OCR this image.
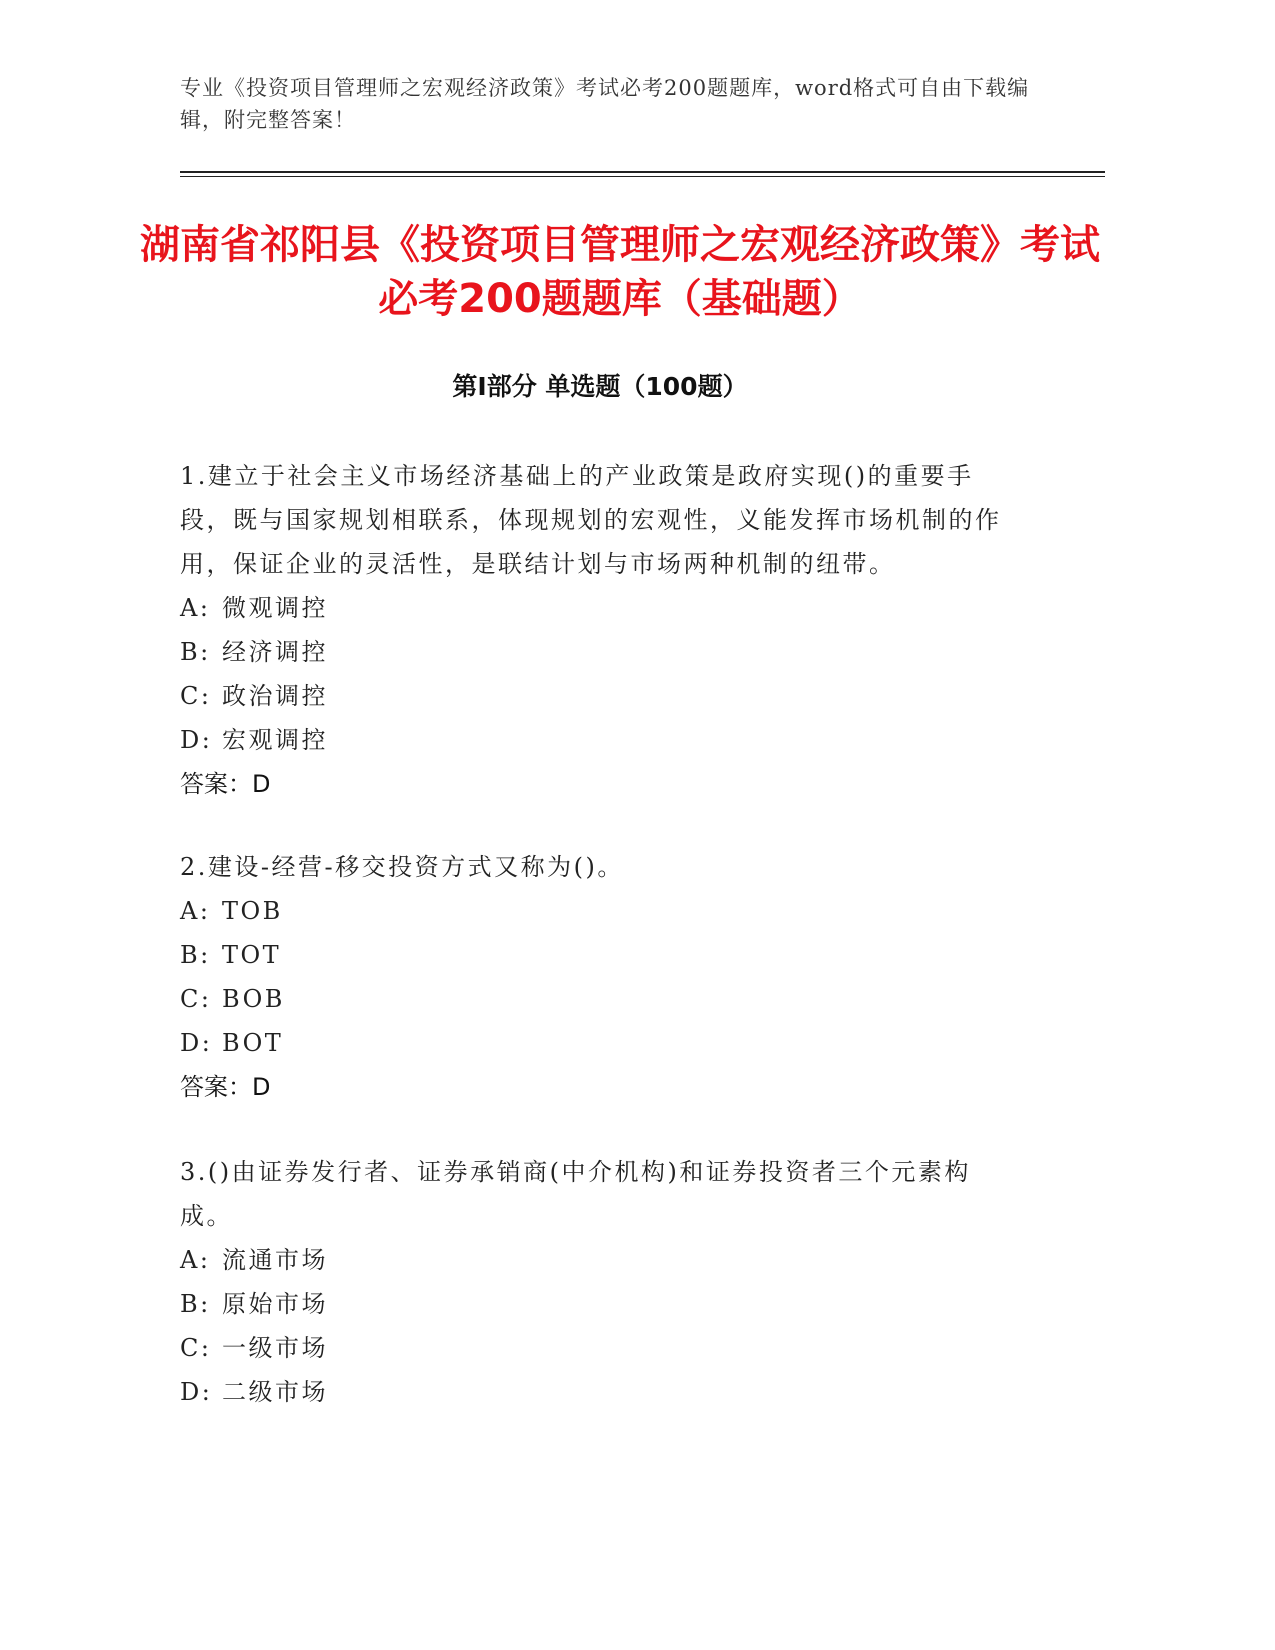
专业《投资项目管理师之宏观经济政策》考试必考200题题库，word格式可自由下载编辑，附完整答案！
湖南省祁阳县《投资项目管理师之宏观经济政策》考试必考200题题库（基础题）
第I部分 单选题（100题）
1.建立于社会主义市场经济基础上的产业政策是政府实现()的重要手段，既与国家规划相联系，体现规划的宏观性，义能发挥市场机制的作用，保证企业的灵活性，是联结计划与市场两种机制的纽带。
A: 微观调控
B: 经济调控
C: 政治调控
D: 宏观调控
答案：D
2.建设-经营-移交投资方式又称为()。
A: TOB
B: TOT
C: BOB
D: BOT
答案：D
3.()由证券发行者、证券承销商(中介机构)和证券投资者三个元素构成。
A: 流通市场
B: 原始市场
C: 一级市场
D: 二级市场
